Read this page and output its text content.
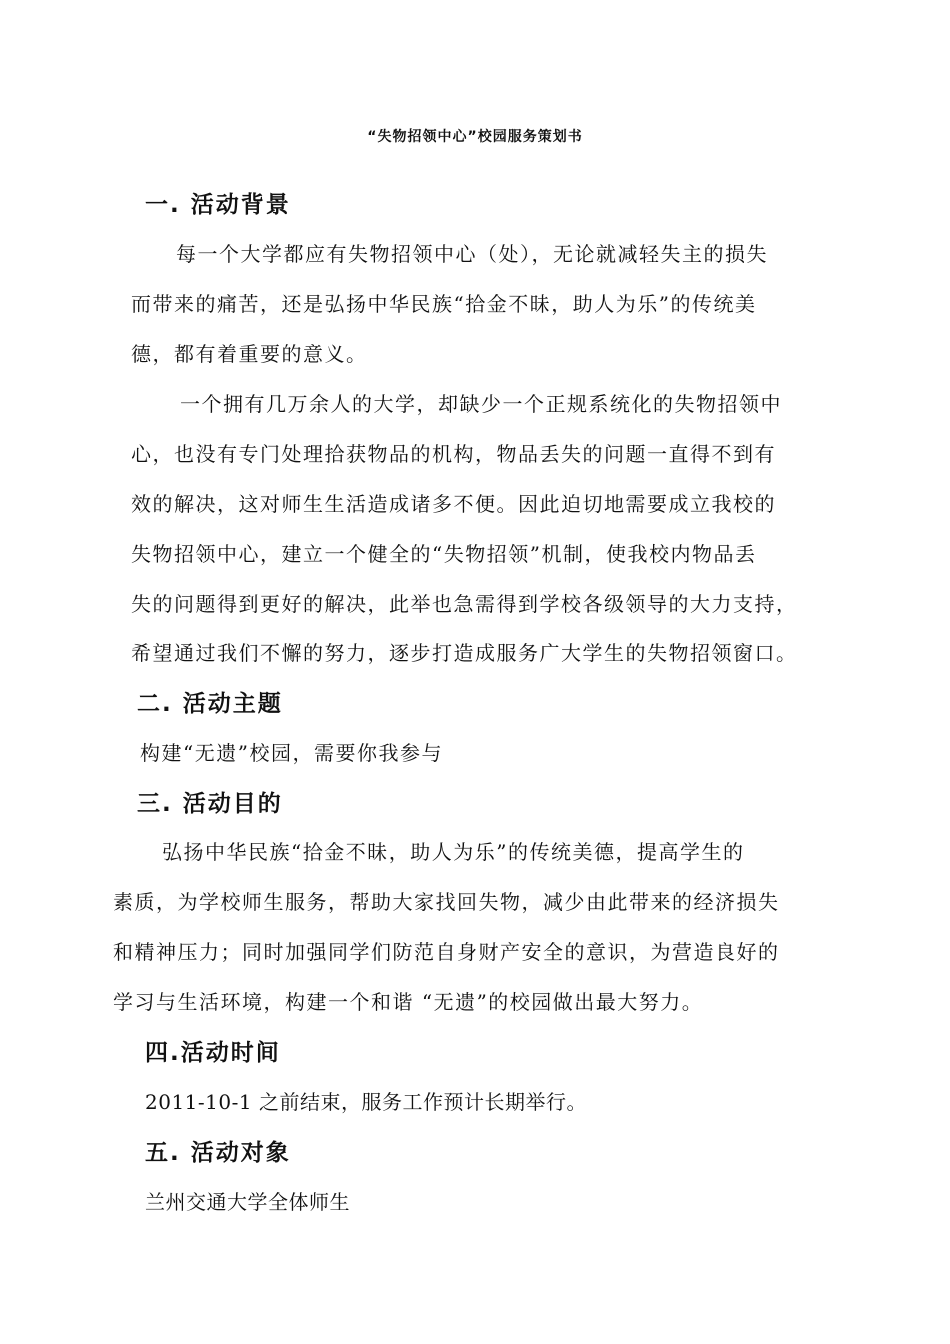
“失物招领中心”校园服务策划书
一. 活动背景
每一个大学都应有失物招领中心（处），无论就减轻失主的损失
而带来的痛苦，还是弘扬中华民族“拾金不昧，助人为乐”的传统美
德，都有着重要的意义。
一个拥有几万余人的大学，却缺少一个正规系统化的失物招领中
心，也没有专门处理拾获物品的机构，物品丢失的问题一直得不到有
效的解决，这对师生生活造成诸多不便。因此迫切地需要成立我校的
失物招领中心，建立一个健全的“失物招领”机制，使我校内物品丢
失的问题得到更好的解决，此举也急需得到学校各级领导的大力支持，
希望通过我们不懈的努力，逐步打造成服务广大学生的失物招领窗口。
二. 活动主题
构建“无遗”校园，需要你我参与
三. 活动目的
弘扬中华民族“拾金不昧，助人为乐”的传统美德，提高学生的
素质，为学校师生服务，帮助大家找回失物，减少由此带来的经济损失
和精神压力；同时加强同学们防范自身财产安全的意识，为营造良好的
学习与生活环境，构建一个和谐 “无遗”的校园做出最大努力。
四.活动时间
2011-10-1 之前结束，服务工作预计长期举行。
五. 活动对象
兰州交通大学全体师生
